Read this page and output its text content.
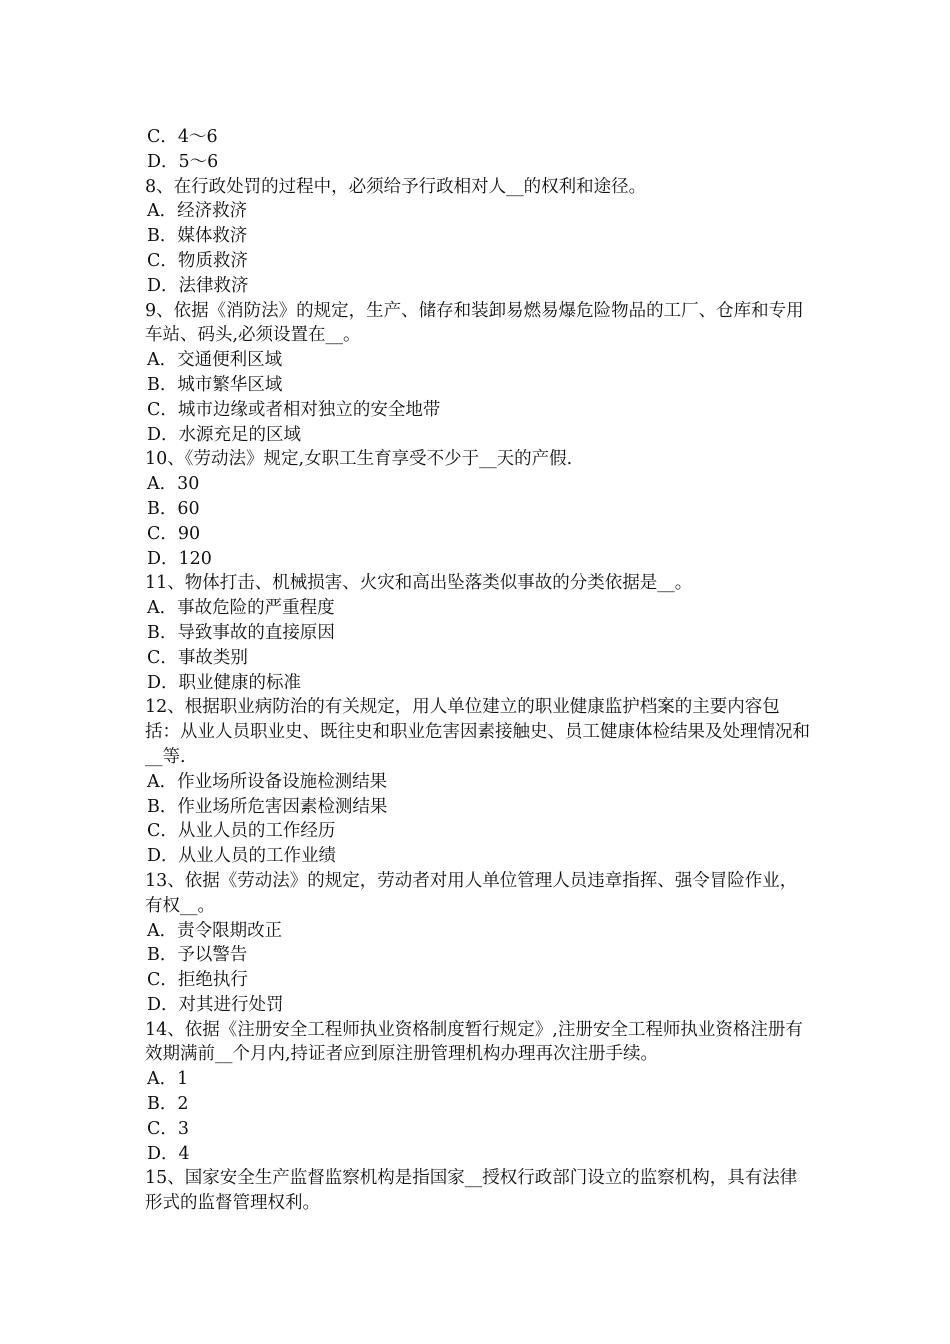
C．4～6

D．5～6

8、在行政处罚的过程中，必须给予行政相对人__的权利和途径。

A．经济救济

B．媒体救济

C．物质救济

D．法律救济

9、依据《消防法》的规定，生产、储存和装卸易燃易爆危险物品的工厂、仓库和专用车站、码头,必须设置在__。

A．交通便利区域

B．城市繁华区域

C．城市边缘或者相对独立的安全地带

D．水源充足的区域

10、《劳动法》规定,女职工生育享受不少于__天的产假.

A．30

B．60

C．90

D．120

11、物体打击、机械损害、火灾和高出坠落类似事故的分类依据是__。

A．事故危险的严重程度

B．导致事故的直接原因

C．事故类别

D．职业健康的标准

12、根据职业病防治的有关规定，用人单位建立的职业健康监护档案的主要内容包括：从业人员职业史、既往史和职业危害因素接触史、员工健康体检结果及处理情况和__等.

A．作业场所设备设施检测结果

B．作业场所危害因素检测结果

C．从业人员的工作经历

D．从业人员的工作业绩

13、依据《劳动法》的规定，劳动者对用人单位管理人员违章指挥、强令冒险作业，有权__。

A．责令限期改正

B．予以警告

C．拒绝执行

D．对其进行处罚

14、依据《注册安全工程师执业资格制度暂行规定》,注册安全工程师执业资格注册有效期满前__个月内,持证者应到原注册管理机构办理再次注册手续。

A．1

B．2

C．3

D．4

15、国家安全生产监督监察机构是指国家__授权行政部门设立的监察机构，具有法律形式的监督管理权利。
